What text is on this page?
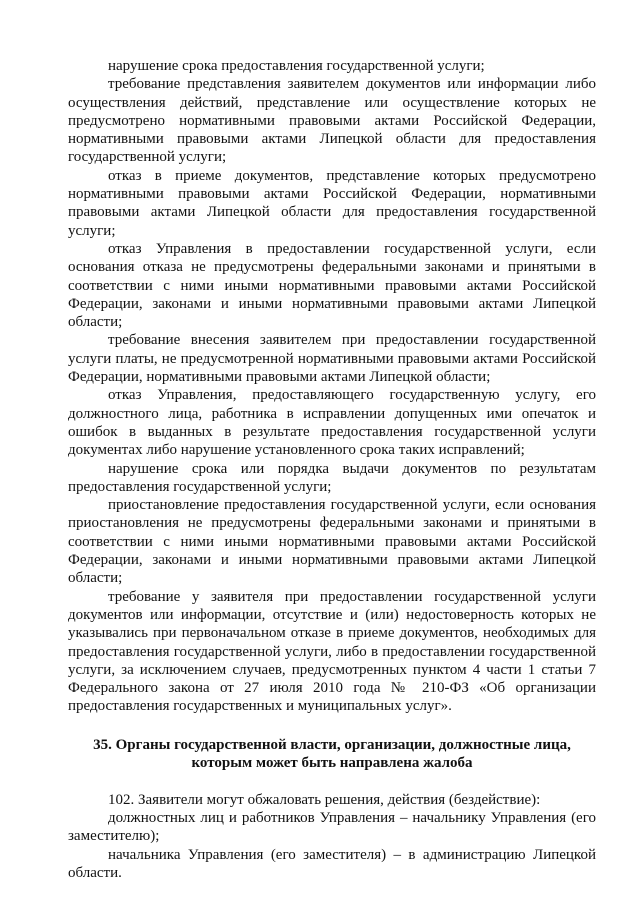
нарушение срока предоставления государственной услуги;

требование представления заявителем документов или информации либо осуществления действий, представление или осуществление которых не предусмотрено нормативными правовыми актами Российской Федерации, нормативными правовыми актами Липецкой области для предоставления государственной услуги;

отказ в приеме документов, представление которых предусмотрено нормативными правовыми актами Российской Федерации, нормативными правовыми актами Липецкой области для предоставления государственной услуги;

отказ Управления в предоставлении государственной услуги, если основания отказа не предусмотрены федеральными законами и принятыми в соответствии с ними иными нормативными правовыми актами Российской Федерации, законами и иными нормативными правовыми актами Липецкой области;

требование внесения заявителем при предоставлении государственной услуги платы, не предусмотренной нормативными правовыми актами Российской Федерации, нормативными правовыми актами Липецкой области;

отказ Управления, предоставляющего государственную услугу, его должностного лица, работника в исправлении допущенных ими опечаток и ошибок в выданных в результате предоставления государственной услуги документах либо нарушение установленного срока таких исправлений;

нарушение срока или порядка выдачи документов по результатам предоставления государственной услуги;

приостановление предоставления государственной услуги, если основания приостановления не предусмотрены федеральными законами и принятыми в соответствии с ними иными нормативными правовыми актами Российской Федерации, законами и иными нормативными правовыми актами Липецкой области;

требование у заявителя при предоставлении государственной услуги документов или информации, отсутствие и (или) недостоверность которых не указывались при первоначальном отказе в приеме документов, необходимых для предоставления государственной услуги, либо в предоставлении государственной услуги, за исключением случаев, предусмотренных пунктом 4 части 1 статьи 7 Федерального закона от 27 июля 2010 года № 210-ФЗ «Об организации предоставления государственных и муниципальных услуг».

35. Органы государственной власти, организации, должностные лица,
которым может быть направлена жалоба

102. Заявители могут обжаловать решения, действия (бездействие):

должностных лиц и работников Управления – начальнику Управления (его заместителю);

начальника Управления (его заместителя) – в администрацию Липецкой области.
